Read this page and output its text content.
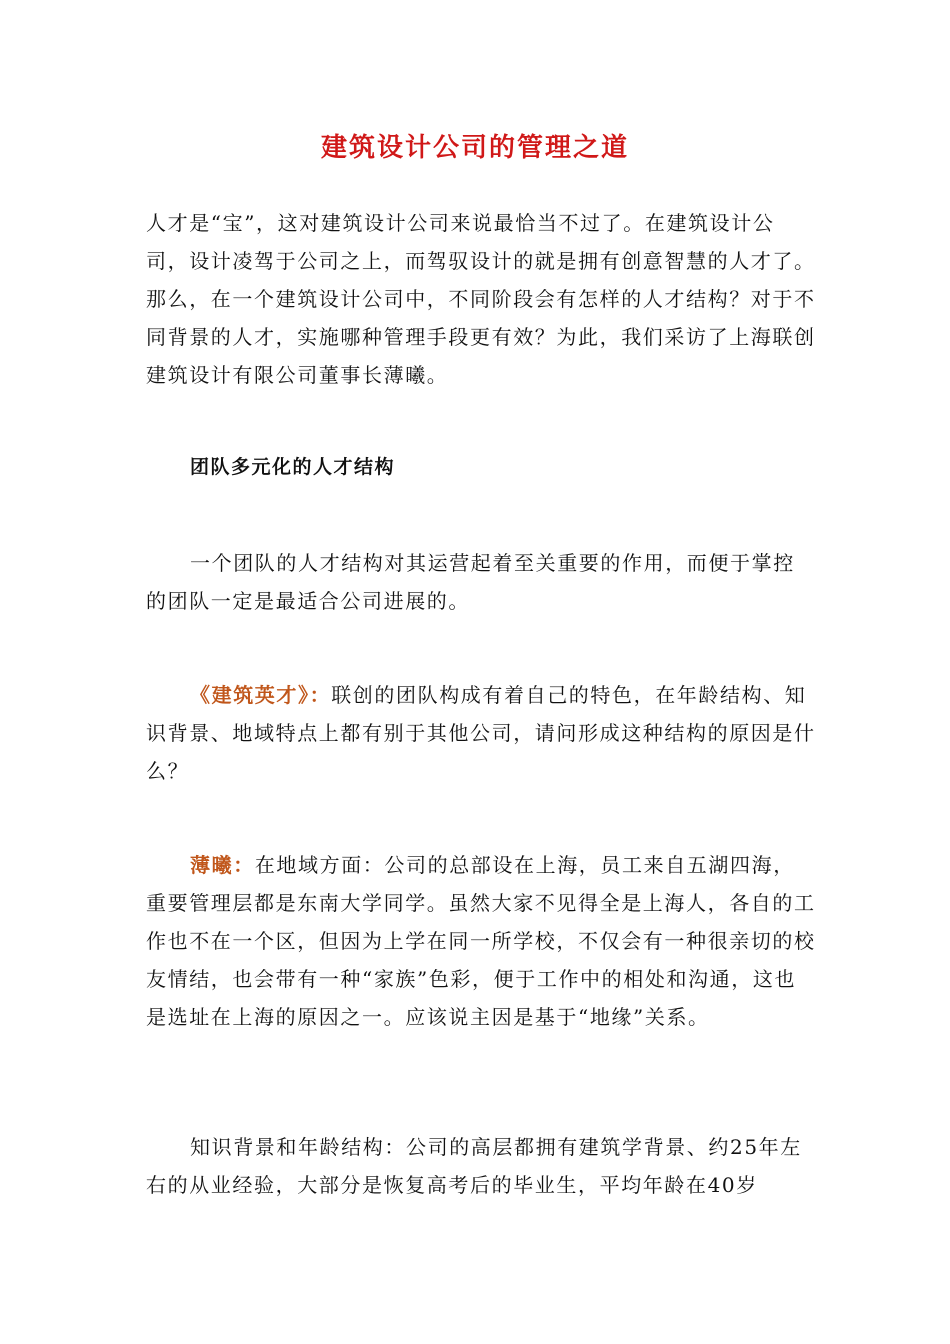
建筑设计公司的管理之道

人才是“宝”，这对建筑设计公司来说最恰当不过了。在建筑设计公司，设计凌驾于公司之上，而驾驭设计的就是拥有创意智慧的人才了。那么，在一个建筑设计公司中，不同阶段会有怎样的人才结构？对于不同背景的人才，实施哪种管理手段更有效？为此，我们采访了上海联创建筑设计有限公司董事长薄曦。

团队多元化的人才结构

一个团队的人才结构对其运营起着至关重要的作用，而便于掌控的团队一定是最适合公司进展的。

《建筑英才》：联创的团队构成有着自己的特色，在年龄结构、知识背景、地域特点上都有别于其他公司，请问形成这种结构的原因是什么？

薄曦：在地域方面：公司的总部设在上海，员工来自五湖四海，重要管理层都是东南大学同学。虽然大家不见得全是上海人，各自的工作也不在一个区，但因为上学在同一所学校，不仅会有一种很亲切的校友情结，也会带有一种“家族”色彩，便于工作中的相处和沟通，这也是选址在上海的原因之一。应该说主因是基于“地缘”关系。

知识背景和年龄结构：公司的高层都拥有建筑学背景、约25年左右的从业经验，大部分是恢复高考后的毕业生，平均年龄在40岁
